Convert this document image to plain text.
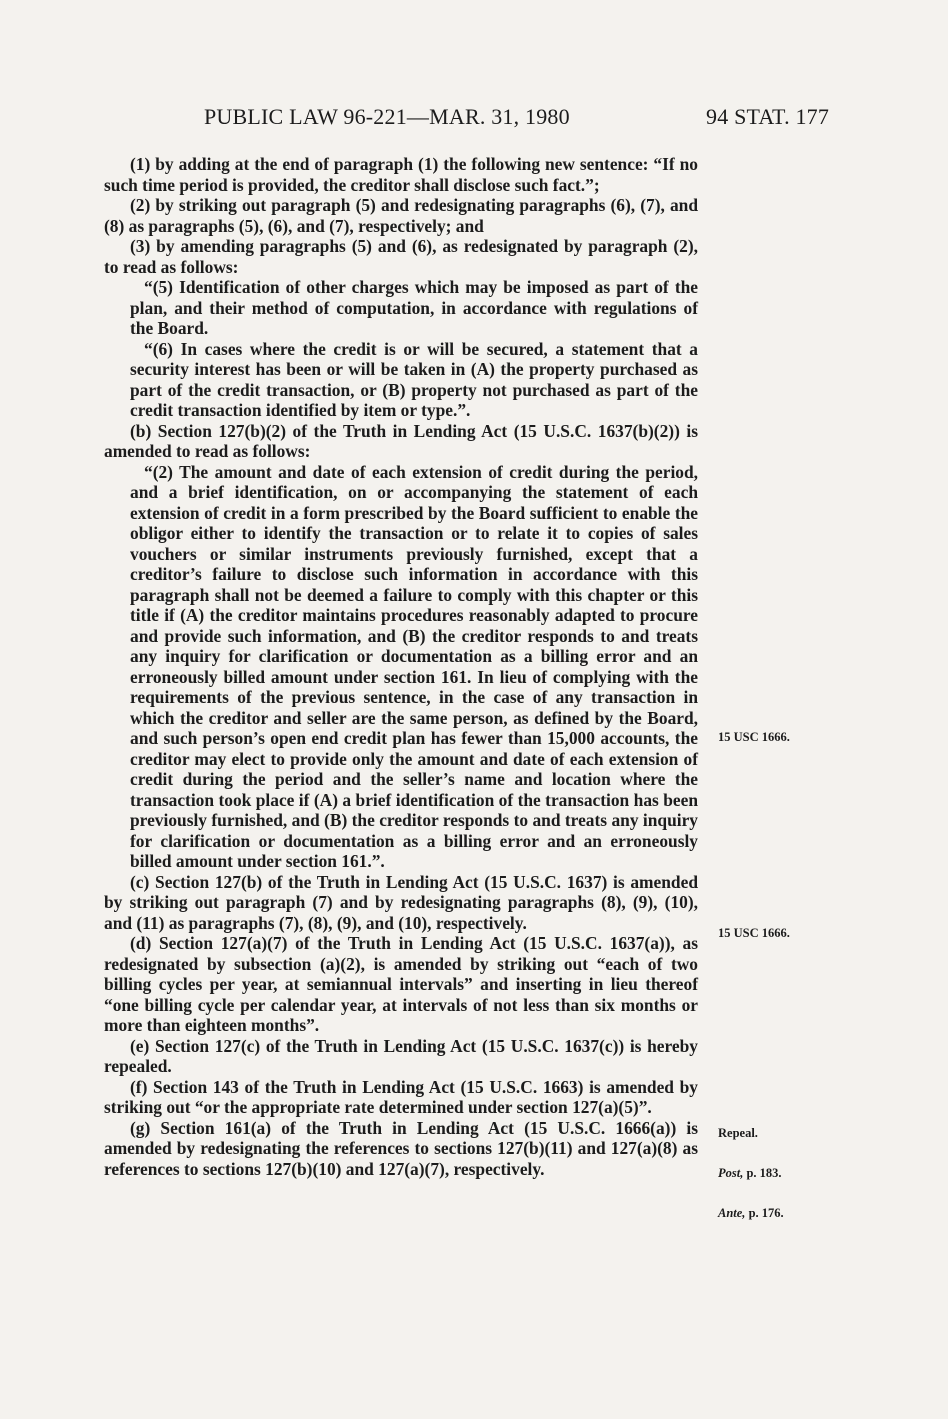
PUBLIC LAW 96-221—MAR. 31, 1980	94 STAT. 177

(1) by adding at the end of paragraph (1) the following new sentence: “If no such time period is provided, the creditor shall disclose such fact.”;

(2) by striking out paragraph (5) and redesignating paragraphs (6), (7), and (8) as paragraphs (5), (6), and (7), respectively; and

(3) by amending paragraphs (5) and (6), as redesignated by paragraph (2), to read as follows:

“(5) Identification of other charges which may be imposed as part of the plan, and their method of computation, in accordance with regulations of the Board.

“(6) In cases where the credit is or will be secured, a statement that a security interest has been or will be taken in (A) the property purchased as part of the credit transaction, or (B) property not purchased as part of the credit transaction identified by item or type.”.

(b) Section 127(b)(2) of the Truth in Lending Act (15 U.S.C. 1637(b)(2)) is amended to read as follows:

“(2) The amount and date of each extension of credit during the period, and a brief identification, on or accompanying the statement of each extension of credit in a form prescribed by the Board sufficient to enable the obligor either to identify the transaction or to relate it to copies of sales vouchers or similar instruments previously furnished, except that a creditor’s failure to disclose such information in accordance with this paragraph shall not be deemed a failure to comply with this chapter or this title if (A) the creditor maintains procedures reasonably adapted to procure and provide such information, and (B) the creditor responds to and treats any inquiry for clarification or documentation as a billing error and an erroneously billed amount under section 161. In lieu of complying with the requirements of the previous sentence, in the case of any transaction in which the creditor and seller are the same person, as defined by the Board, and such person’s open end credit plan has fewer than 15,000 accounts, the creditor may elect to provide only the amount and date of each extension of credit during the period and the seller’s name and location where the transaction took place if (A) a brief identification of the transaction has been previously furnished, and (B) the creditor responds to and treats any inquiry for clarification or documentation as a billing error and an erroneously billed amount under section 161.”.

(c) Section 127(b) of the Truth in Lending Act (15 U.S.C. 1637) is amended by striking out paragraph (7) and by redesignating paragraphs (8), (9), (10), and (11) as paragraphs (7), (8), (9), and (10), respectively.

(d) Section 127(a)(7) of the Truth in Lending Act (15 U.S.C. 1637(a)), as redesignated by subsection (a)(2), is amended by striking out “each of two billing cycles per year, at semiannual intervals” and inserting in lieu thereof “one billing cycle per calendar year, at intervals of not less than six months or more than eighteen months”.

(e) Section 127(c) of the Truth in Lending Act (15 U.S.C. 1637(c)) is hereby repealed.

(f) Section 143 of the Truth in Lending Act (15 U.S.C. 1663) is amended by striking out “or the appropriate rate determined under section 127(a)(5)”.

(g) Section 161(a) of the Truth in Lending Act (15 U.S.C. 1666(a)) is amended by redesignating the references to sections 127(b)(11) and 127(a)(8) as references to sections 127(b)(10) and 127(a)(7), respectively.

15 USC 1666.
15 USC 1666.
Repeal.
Post, p. 183.
Ante, p. 176.
